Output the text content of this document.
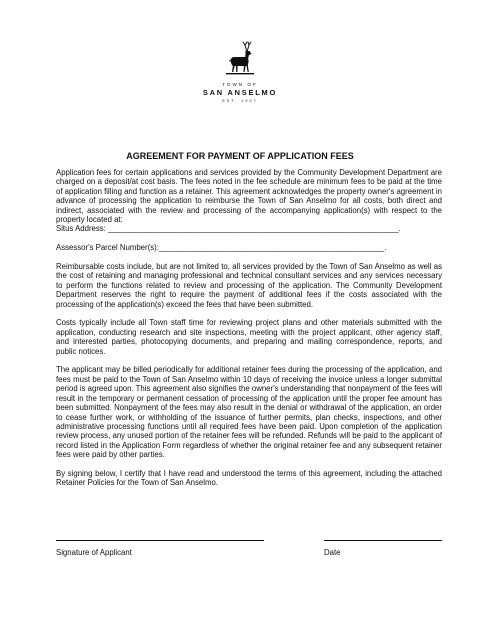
TOWN OF
SAN ANSELMO
EST. 1907
AGREEMENT FOR PAYMENT OF APPLICATION FEES

Application fees for certain applications and services provided by the Community Development Department are charged on a deposit/at cost basis. The fees noted in the fee schedule are minimum fees to be paid at the time of application filling and function as a retainer. This agreement acknowledges the property owner's agreement in advance of processing the application to reimburse the Town of San Anselmo for all costs, both direct and indirect, associated with the review and processing of the accompanying application(s) with respect to the property located at:

Situs Address: ___________________________________________________________________.
Assessor's Parcel Number(s):____________________________________________________.

Reimbursable costs include, but are not limited to, all services provided by the Town of San Anselmo as well as the cost of retaining and managing professional and technical consultant services and any services necessary to perform the functions related to review and processing of the application. The Community Development Department reserves the right to require the payment of additional fees if the costs associated with the processing of the application(s) exceed the fees that have been submitted.

Costs typically include all Town staff time for reviewing project plans and other materials submitted with the application, conducting research and site inspections, meeting with the project applicant, other agency staff, and interested parties, photocopying documents, and preparing and mailing correspondence, reports, and public notices.

The applicant may be billed periodically for additional retainer fees during the processing of the application, and fees must be paid to the Town of San Anselmo within 10 days of receiving the invoice unless a longer submittal period is agreed upon. This agreement also signifies the owner's understanding that nonpayment of the fees will result in the temporary or permanent cessation of processing of the application until the proper fee amount has been submitted. Nonpayment of the fees may also result in the denial or withdrawal of the application, an order to cease further work, or withholding of the issuance of further permits, plan checks, inspections, and other administrative processing functions until all required fees have been paid. Upon completion of the application review process, any unused portion of the retainer fees will be refunded. Refunds will be paid to the applicant of record listed in the Application Form regardless of whether the original retainer fee and any subsequent retainer fees were paid by other parties.

By signing below, I certify that I have read and understood the terms of this agreement, including the attached Retainer Policies for the Town of San Anselmo.

Signature of Applicant	Date
